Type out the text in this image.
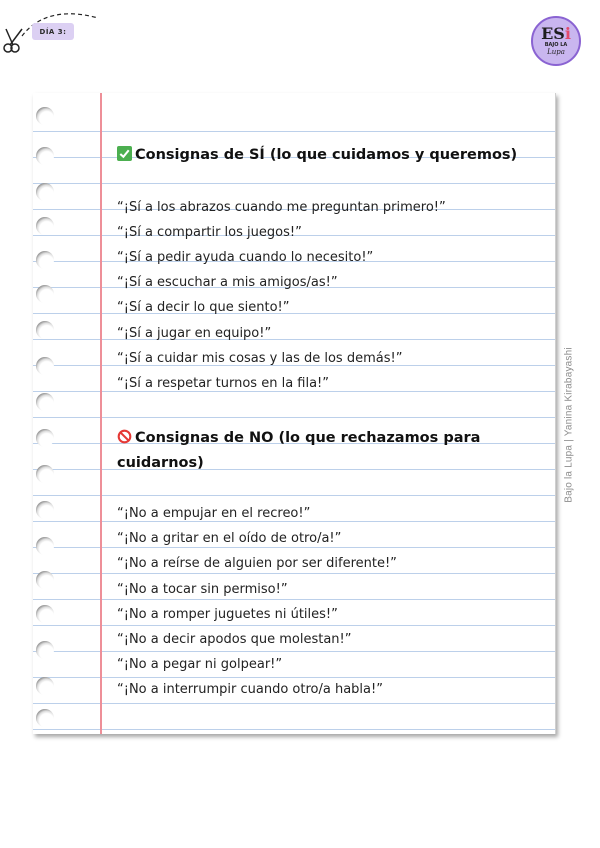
DÍA 3:	ESi
BAJO LA
Lupa
Consignas de SÍ (lo que cuidamos y queremos)
“¡Sí a los abrazos cuando me preguntan primero!”
“¡Sí a compartir los juegos!”
“¡Sí a pedir ayuda cuando lo necesito!”
“¡Sí a escuchar a mis amigos/as!”
“¡Sí a decir lo que siento!”
“¡Sí a jugar en equipo!”
“¡Sí a cuidar mis cosas y las de los demás!”
“¡Sí a respetar turnos en la fila!”
Consignas de NO (lo que rechazamos para
cuidarnos)
“¡No a empujar en el recreo!”
“¡No a gritar en el oído de otro/a!”
“¡No a reírse de alguien por ser diferente!”
“¡No a tocar sin permiso!”
“¡No a romper juguetes ni útiles!”
“¡No a decir apodos que molestan!”
“¡No a pegar ni golpear!”
“¡No a interrumpir cuando otro/a habla!”
Bajo la Lupa | Yanina Kirabayashi
